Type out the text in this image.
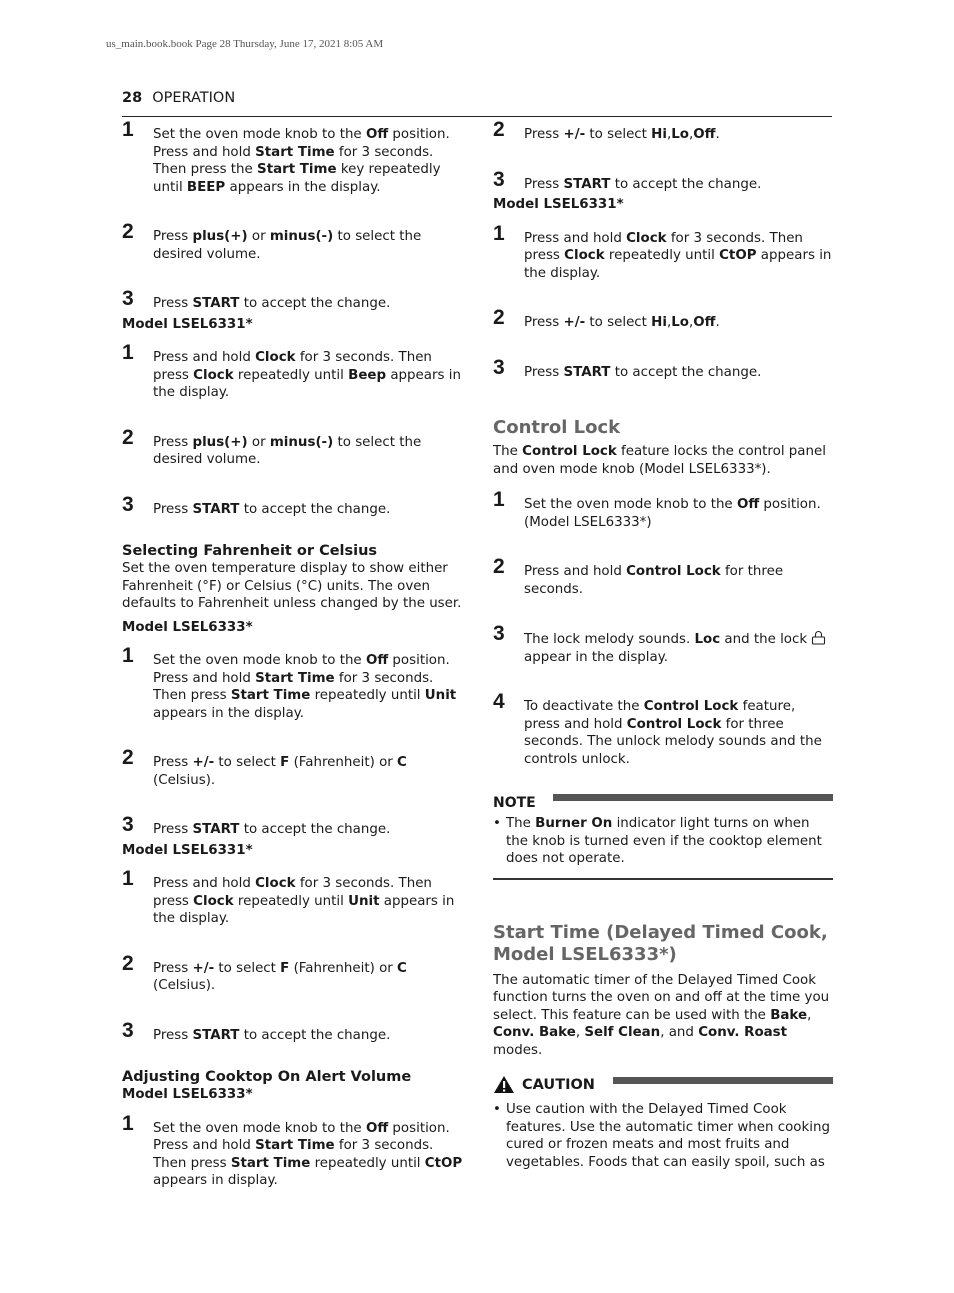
us_main.book.book Page 28 Thursday, June 17, 2021 8:05 AM
28 OPERATION
1 Set the oven mode knob to the Off position. Press and hold Start Time for 3 seconds. Then press the Start Time key repeatedly until BEEP appears in the display.
2 Press plus(+) or minus(-) to select the desired volume.
3 Press START to accept the change.
Model LSEL6331*
1 Press and hold Clock for 3 seconds. Then press Clock repeatedly until Beep appears in the display.
2 Press plus(+) or minus(-) to select the desired volume.
3 Press START to accept the change.
Selecting Fahrenheit or Celsius
Set the oven temperature display to show either Fahrenheit (°F) or Celsius (°C) units. The oven defaults to Fahrenheit unless changed by the user.
Model LSEL6333*
1 Set the oven mode knob to the Off position. Press and hold Start Time for 3 seconds. Then press Start Time repeatedly until Unit appears in the display.
2 Press +/- to select F (Fahrenheit) or C (Celsius).
3 Press START to accept the change.
Model LSEL6331*
1 Press and hold Clock for 3 seconds. Then press Clock repeatedly until Unit appears in the display.
2 Press +/- to select F (Fahrenheit) or C (Celsius).
3 Press START to accept the change.
Adjusting Cooktop On Alert Volume
Model LSEL6333*
1 Set the oven mode knob to the Off position. Press and hold Start Time for 3 seconds. Then press Start Time repeatedly until CtOP appears in display.
2 Press +/- to select Hi,Lo,Off.
3 Press START to accept the change.
Model LSEL6331*
1 Press and hold Clock for 3 seconds. Then press Clock repeatedly until CtOP appears in the display.
2 Press +/- to select Hi,Lo,Off.
3 Press START to accept the change.
Control Lock
The Control Lock feature locks the control panel and oven mode knob (Model LSEL6333*).
1 Set the oven mode knob to the Off position. (Model LSEL6333*)
2 Press and hold Control Lock for three seconds.
3 The lock melody sounds. Loc and the lock  appear in the display.
4 To deactivate the Control Lock feature, press and hold Control Lock for three seconds. The unlock melody sounds and the controls unlock.
NOTE
• The Burner On indicator light turns on when the knob is turned even if the cooktop element does not operate.
Start Time (Delayed Timed Cook, Model LSEL6333*)
The automatic timer of the Delayed Timed Cook function turns the oven on and off at the time you select. This feature can be used with the Bake, Conv. Bake, Self Clean, and Conv. Roast modes.
CAUTION
• Use caution with the Delayed Timed Cook features. Use the automatic timer when cooking cured or frozen meats and most fruits and vegetables. Foods that can easily spoil, such as
